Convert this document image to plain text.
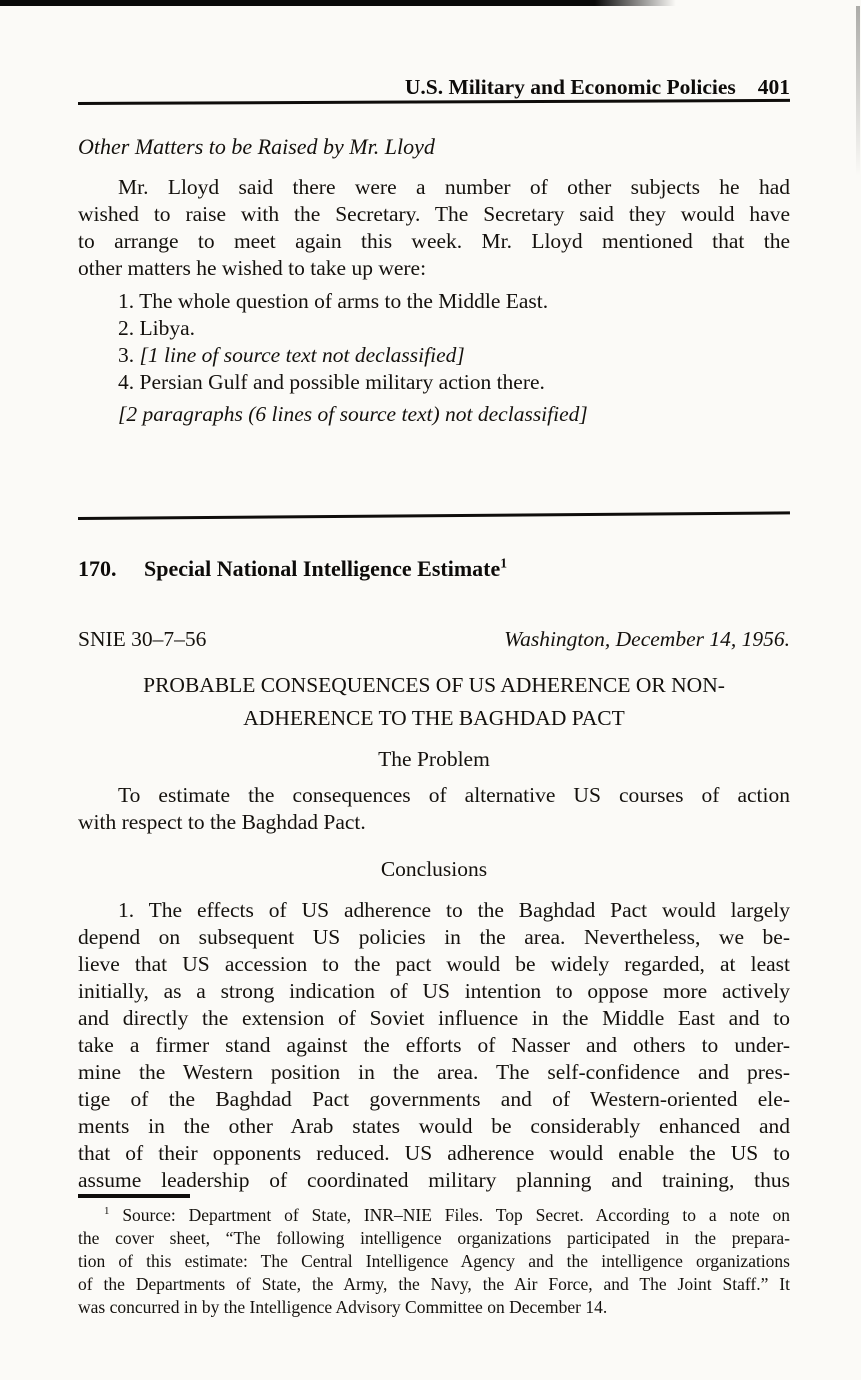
U.S. Military and Economic Policies 401
Other Matters to be Raised by Mr. Lloyd
Mr. Lloyd said there were a number of other subjects he had
wished to raise with the Secretary. The Secretary said they would have
to arrange to meet again this week. Mr. Lloyd mentioned that the
other matters he wished to take up were:
1. The whole question of arms to the Middle East.
2. Libya.
3. [1 line of source text not declassified]
4. Persian Gulf and possible military action there.
[2 paragraphs (6 lines of source text) not declassified]
170. Special National Intelligence Estimate$^1$
SNIE 30–7–56	Washington, December 14, 1956.
PROBABLE CONSEQUENCES OF US ADHERENCE OR NON-
ADHERENCE TO THE BAGHDAD PACT
The Problem
To estimate the consequences of alternative US courses of action
with respect to the Baghdad Pact.
Conclusions
1. The effects of US adherence to the Baghdad Pact would largely
depend on subsequent US policies in the area. Nevertheless, we be-
lieve that US accession to the pact would be widely regarded, at least
initially, as a strong indication of US intention to oppose more actively
and directly the extension of Soviet influence in the Middle East and to
take a firmer stand against the efforts of Nasser and others to under-
mine the Western position in the area. The self-confidence and pres-
tige of the Baghdad Pact governments and of Western-oriented ele-
ments in the other Arab states would be considerably enhanced and
that of their opponents reduced. US adherence would enable the US to
assume leadership of coordinated military planning and training, thus
$^1$ Source: Department of State, INR–NIE Files. Top Secret. According to a note on
the cover sheet, “The following intelligence organizations participated in the prepara-
tion of this estimate: The Central Intelligence Agency and the intelligence organizations
of the Departments of State, the Army, the Navy, the Air Force, and The Joint Staff.” It
was concurred in by the Intelligence Advisory Committee on December 14.
